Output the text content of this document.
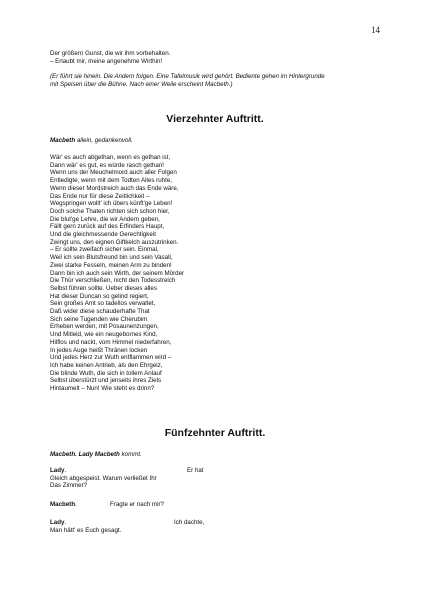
14
Der größern Gunst, die wir ihm vorbehalten.
– Erlaubt mir, meine angenehme Wirthin!
(Er führt sie hinein. Die Andern folgen. Eine Tafelmusik wird gehört. Bediente gehen im Hintergrunde
mit Speisen über die Bühne. Nach einer Weile erscheint Macbeth.)
Vierzehnter Auftritt.
Macbeth allein, gedankenvoll.
Wär' es auch abgethan, wenn es gethan ist,
Dann wär' es gut, es würde rasch gethan!
Wenn uns der Meuchelmord auch aller Folgen
Entledigte, wenn mit dem Todten Alles ruhte,
Wenn dieser Mordstreich auch das Ende wäre,
Das Ende nur für diese Zeitlichkeit –
Wegspringen wollt' ich übers künft'ge Leben!
Doch solche Thaten richten sich schon hier,
Die blut'ge Lehre, die wir Andern geben,
Fällt gern zurück auf des Erfinders Haupt,
Und die gleichmessende Gerechtigkeit
Zwingt uns, den eignen Giftkelch auszutrinken.
– Er sollte zweifach sicher sein. Einmal,
Weil ich sein Blutsfreund bin und sein Vasall,
Zwei starke Fesseln, meinen Arm zu binden!
Dann bin ich auch sein Wirth, der seinem Mörder
Die Thür verschließen, nicht den Todesstreich
Selbst führen sollte. Ueber dieses alles
Hat dieser Duncan so gelind regiert,
Sein großes Amt so tadellos verwaltet,
Daß wider diese schauderhafte That
Sich seine Tugenden wie Cherubim
Erheben werden, mit Posaunenzungen,
Und Mitleid, wie ein neugebornes Kind,
Hilflos und nackt, vom Himmel niederfahren,
In jedes Auge heißt Thränen locken
Und jedes Herz zur Wuth entflammen wird –
Ich habe keinen Antrieb, als den Ehrgeiz,
Die blinde Wuth, die sich in tollem Anlauf
Selbst überstürzt und jenseits ihres Ziels
Hintaumelt – Nun! Wie steht es drinn?
Fünfzehnter Auftritt.
Macbeth. Lady Macbeth kommt.
Lady.	Er hat
Gleich abgespeist. Warum verließet Ihr
Das Zimmer?
Macbeth.	Fragte er nach mir?
Lady.	Ich dachte,
Man hätt' es Euch gesagt.
